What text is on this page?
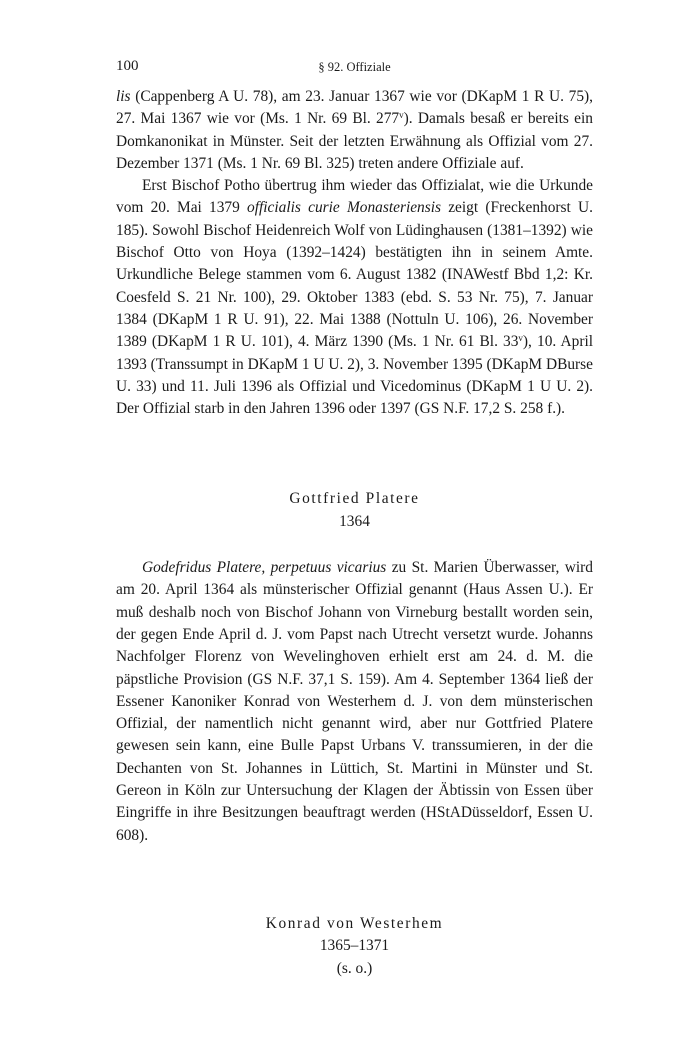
100	§ 92. Offiziale

lis (Cappenberg A U. 78), am 23. Januar 1367 wie vor (DKapM 1 R U. 75), 27. Mai 1367 wie vor (Ms. 1 Nr. 69 Bl. 277$^v$). Damals besaß er bereits ein Domkanonikat in Münster. Seit der letzten Erwähnung als Offizial vom 27. Dezember 1371 (Ms. 1 Nr. 69 Bl. 325) treten andere Offiziale auf.

Erst Bischof Potho übertrug ihm wieder das Offizialat, wie die Urkunde vom 20. Mai 1379 officialis curie Monasteriensis zeigt (Freckenhorst U. 185). Sowohl Bischof Heidenreich Wolf von Lüdinghausen (1381–1392) wie Bischof Otto von Hoya (1392–1424) bestätigten ihn in seinem Amte. Urkundliche Belege stammen vom 6. August 1382 (INAWestf Bbd 1,2: Kr. Coesfeld S. 21 Nr. 100), 29. Oktober 1383 (ebd. S. 53 Nr. 75), 7. Januar 1384 (DKapM 1 R U. 91), 22. Mai 1388 (Nottuln U. 106), 26. November 1389 (DKapM 1 R U. 101), 4. März 1390 (Ms. 1 Nr. 61 Bl. 33$^v$), 10. April 1393 (Transsumpt in DKapM 1 U U. 2), 3. November 1395 (DKapM DBurse U. 33) und 11. Juli 1396 als Offizial und Vicedominus (DKapM 1 U U. 2). Der Offizial starb in den Jahren 1396 oder 1397 (GS N.F. 17,2 S. 258 f.).

Gottfried Platere
1364

Godefridus Platere, perpetuus vicarius zu St. Marien Überwasser, wird am 20. April 1364 als münsterischer Offizial genannt (Haus Assen U.). Er muß deshalb noch von Bischof Johann von Virneburg bestallt worden sein, der gegen Ende April d. J. vom Papst nach Utrecht versetzt wurde. Johanns Nachfolger Florenz von Wevelinghoven erhielt erst am 24. d. M. die päpstliche Provision (GS N.F. 37,1 S. 159). Am 4. September 1364 ließ der Essener Kanoniker Konrad von Westerhem d. J. von dem münsterischen Offizial, der namentlich nicht genannt wird, aber nur Gottfried Platere gewesen sein kann, eine Bulle Papst Urbans V. transsumieren, in der die Dechanten von St. Johannes in Lüttich, St. Martini in Münster und St. Gereon in Köln zur Untersuchung der Klagen der Äbtissin von Essen über Eingriffe in ihre Besitzungen beauftragt werden (HStADüsseldorf, Essen U. 608).

Konrad von Westerhem
1365–1371
(s. o.)
